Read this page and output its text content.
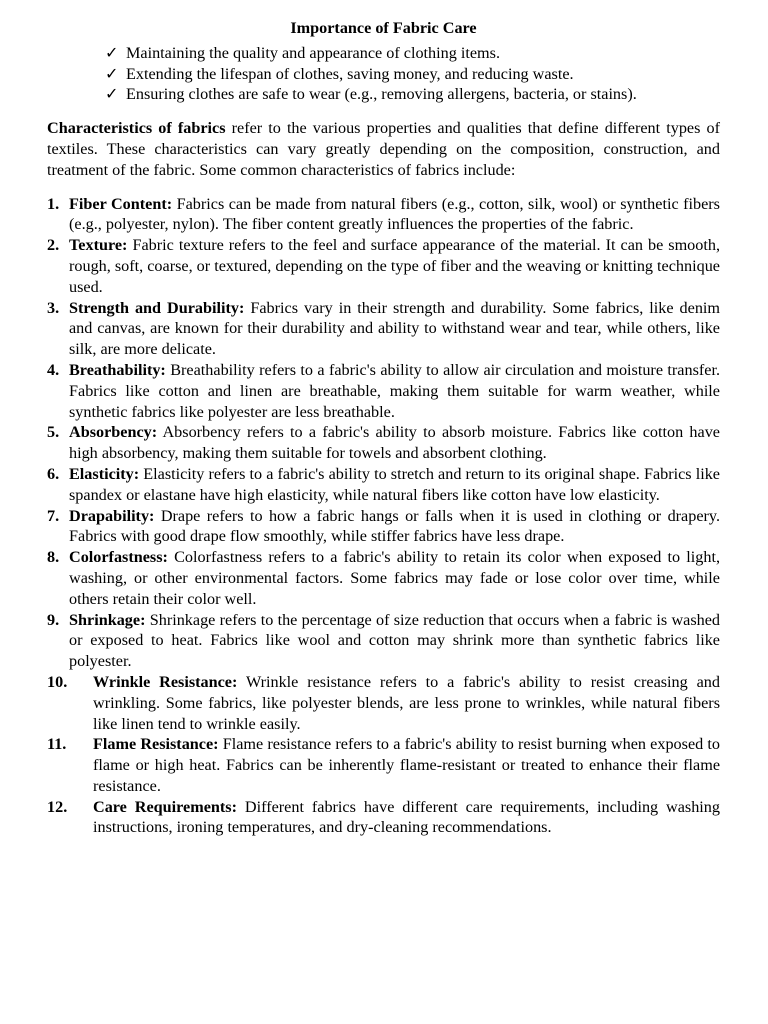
Importance of Fabric Care
✓ Maintaining the quality and appearance of clothing items.
✓ Extending the lifespan of clothes, saving money, and reducing waste.
✓ Ensuring clothes are safe to wear (e.g., removing allergens, bacteria, or stains).

Characteristics of fabrics refer to the various properties and qualities that define different types of textiles. These characteristics can vary greatly depending on the composition, construction, and treatment of the fabric. Some common characteristics of fabrics include:

1. Fiber Content: Fabrics can be made from natural fibers (e.g., cotton, silk, wool) or synthetic fibers (e.g., polyester, nylon). The fiber content greatly influences the properties of the fabric.
2. Texture: Fabric texture refers to the feel and surface appearance of the material. It can be smooth, rough, soft, coarse, or textured, depending on the type of fiber and the weaving or knitting technique used.
3. Strength and Durability: Fabrics vary in their strength and durability. Some fabrics, like denim and canvas, are known for their durability and ability to withstand wear and tear, while others, like silk, are more delicate.
4. Breathability: Breathability refers to a fabric's ability to allow air circulation and moisture transfer. Fabrics like cotton and linen are breathable, making them suitable for warm weather, while synthetic fabrics like polyester are less breathable.
5. Absorbency: Absorbency refers to a fabric's ability to absorb moisture. Fabrics like cotton have high absorbency, making them suitable for towels and absorbent clothing.
6. Elasticity: Elasticity refers to a fabric's ability to stretch and return to its original shape. Fabrics like spandex or elastane have high elasticity, while natural fibers like cotton have low elasticity.
7. Drapability: Drape refers to how a fabric hangs or falls when it is used in clothing or drapery. Fabrics with good drape flow smoothly, while stiffer fabrics have less drape.
8. Colorfastness: Colorfastness refers to a fabric's ability to retain its color when exposed to light, washing, or other environmental factors. Some fabrics may fade or lose color over time, while others retain their color well.
9. Shrinkage: Shrinkage refers to the percentage of size reduction that occurs when a fabric is washed or exposed to heat. Fabrics like wool and cotton may shrink more than synthetic fabrics like polyester.
10.	Wrinkle Resistance: Wrinkle resistance refers to a fabric's ability to resist creasing and wrinkling. Some fabrics, like polyester blends, are less prone to wrinkles, while natural fibers like linen tend to wrinkle easily.
11.	Flame Resistance: Flame resistance refers to a fabric's ability to resist burning when exposed to flame or high heat. Fabrics can be inherently flame-resistant or treated to enhance their flame resistance.
12.	Care Requirements: Different fabrics have different care requirements, including washing instructions, ironing temperatures, and dry-cleaning recommendations.
